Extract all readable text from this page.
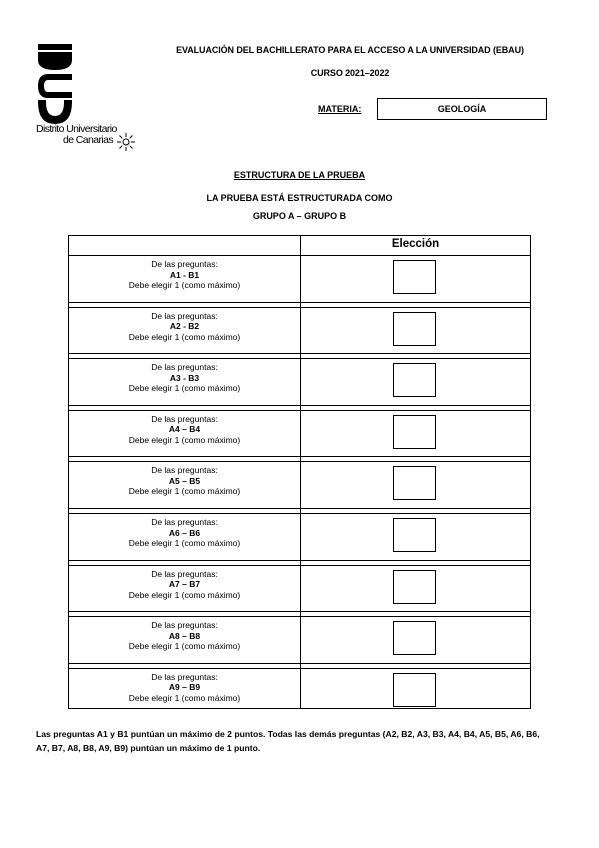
Distrito Universitario
de Canarias
EVALUACIÓN DEL BACHILLERATO PARA EL ACCESO A LA UNIVERSIDAD (EBAU)
CURSO 2021–2022
MATERIA:	GEOLOGÍA
ESTRUCTURA DE LA PRUEBA
LA PRUEBA ESTÁ ESTRUCTURADA COMO
GRUPO A – GRUPO B
Elección
De las preguntas:
A1 - B1
Debe elegir 1 (como máximo)
De las preguntas:
A2 - B2
Debe elegir 1 (como máximo)
De las preguntas:
A3 - B3
Debe elegir 1 (como máximo)
De las preguntas:
A4 – B4
Debe elegir 1 (como máximo)
De las preguntas:
A5 – B5
Debe elegir 1 (como máximo)
De las preguntas:
A6 – B6
Debe elegir 1 (como máximo)
De las preguntas:
A7 – B7
Debe elegir 1 (como máximo)
De las preguntas:
A8 – B8
Debe elegir 1 (como máximo)
De las preguntas:
A9 – B9
Debe elegir 1 (como máximo)
Las preguntas A1 y B1 puntúan un máximo de 2 puntos. Todas las demás preguntas (A2, B2, A3, B3, A4, B4, A5, B5, A6, B6, A7, B7, A8, B8, A9, B9) puntúan un máximo de 1 punto.
